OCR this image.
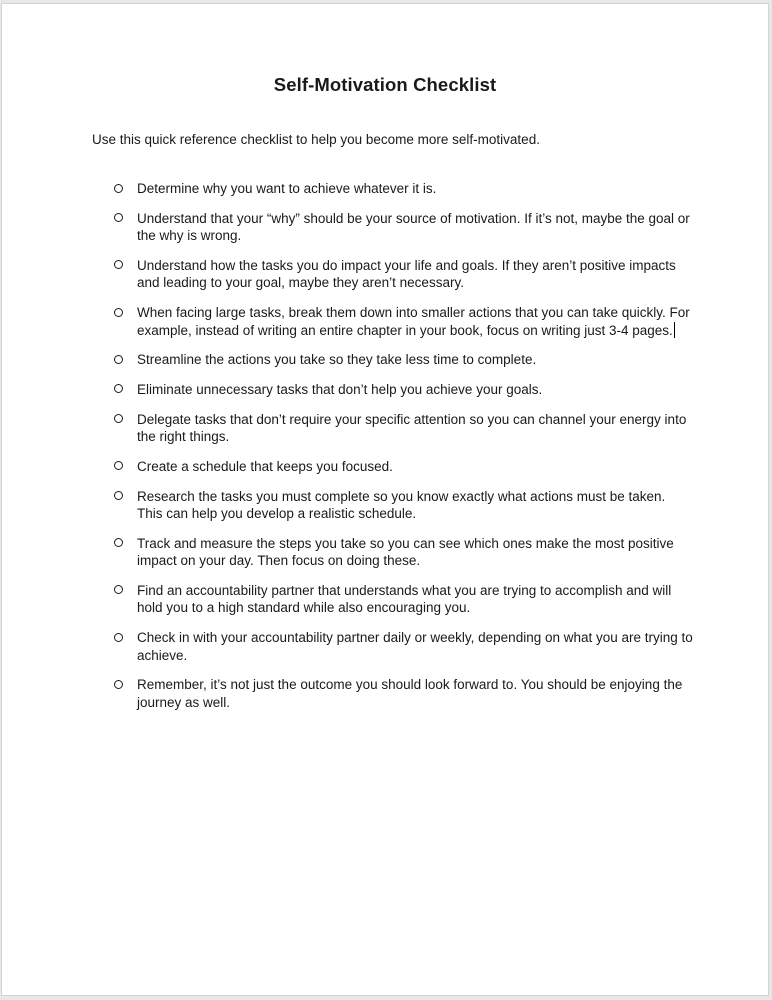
Self-Motivation Checklist

Use this quick reference checklist to help you become more self-motivated.

Determine why you want to achieve whatever it is.
Understand that your “why” should be your source of motivation. If it’s not, maybe the goal or the why is wrong.
Understand how the tasks you do impact your life and goals. If they aren’t positive impacts and leading to your goal, maybe they aren’t necessary.
When facing large tasks, break them down into smaller actions that you can take quickly. For example, instead of writing an entire chapter in your book, focus on writing just 3-4 pages.
Streamline the actions you take so they take less time to complete.
Eliminate unnecessary tasks that don’t help you achieve your goals.
Delegate tasks that don’t require your specific attention so you can channel your energy into the right things.
Create a schedule that keeps you focused.
Research the tasks you must complete so you know exactly what actions must be taken. This can help you develop a realistic schedule.
Track and measure the steps you take so you can see which ones make the most positive impact on your day. Then focus on doing these.
Find an accountability partner that understands what you are trying to accomplish and will hold you to a high standard while also encouraging you.
Check in with your accountability partner daily or weekly, depending on what you are trying to achieve.
Remember, it’s not just the outcome you should look forward to. You should be enjoying the journey as well.
